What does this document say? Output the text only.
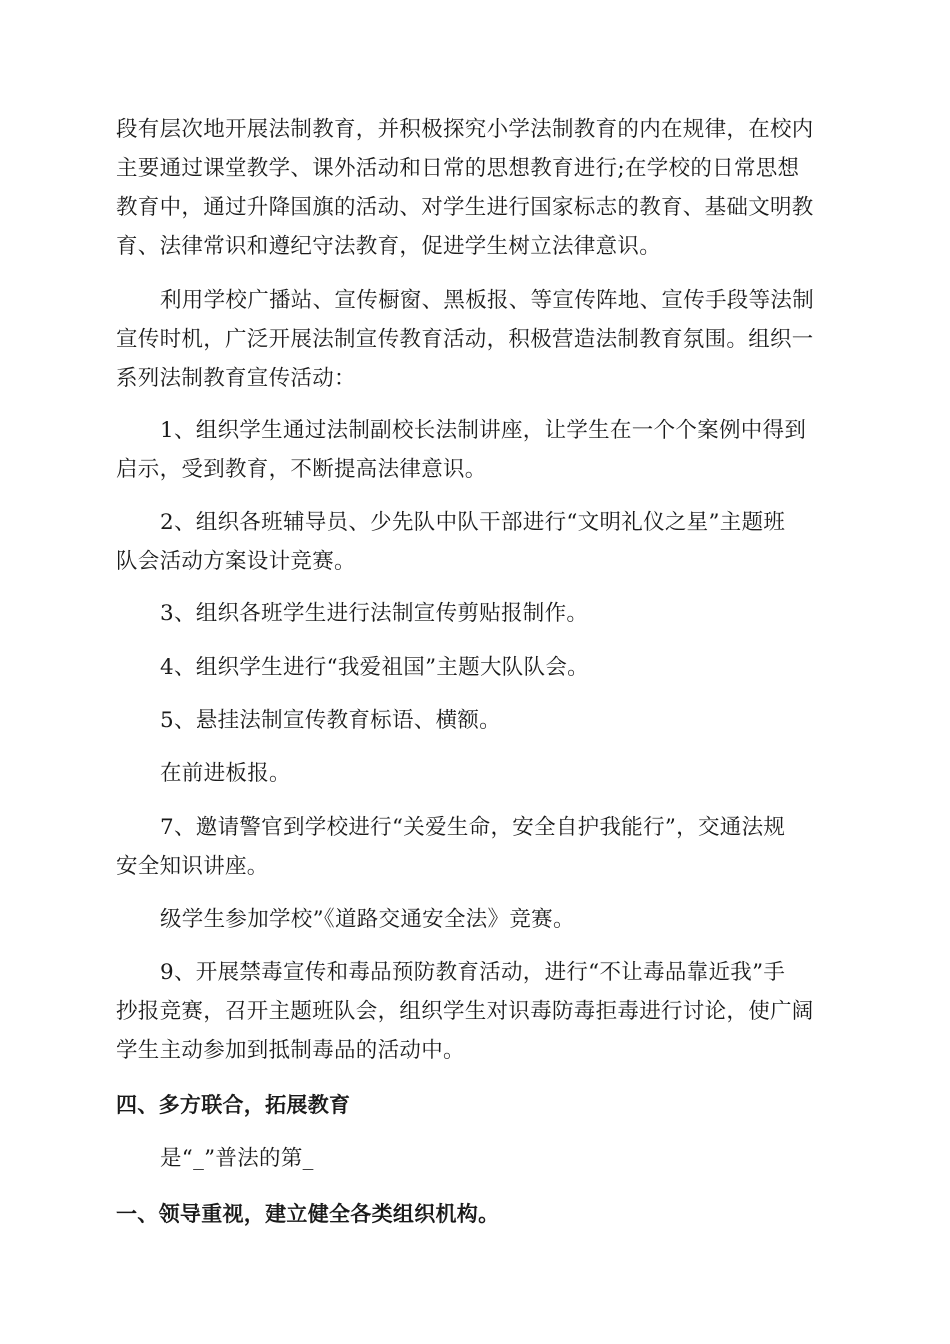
段有层次地开展法制教育，并积极探究小学法制教育的内在规律，在校内
主要通过课堂教学、课外活动和日常的思想教育进行;在学校的日常思想
教育中，通过升降国旗的活动、对学生进行国家标志的教育、基础文明教
育、法律常识和遵纪守法教育，促进学生树立法律意识。
利用学校广播站、宣传橱窗、黑板报、等宣传阵地、宣传手段等法制
宣传时机，广泛开展法制宣传教育活动，积极营造法制教育氛围。组织一
系列法制教育宣传活动：
1、组织学生通过法制副校长法制讲座，让学生在一个个案例中得到
启示，受到教育，不断提高法律意识。
2、组织各班辅导员、少先队中队干部进行“文明礼仪之星”主题班
队会活动方案设计竞赛。
3、组织各班学生进行法制宣传剪贴报制作。
4、组织学生进行“我爱祖国”主题大队队会。
5、悬挂法制宣传教育标语、横额。
在前进板报。
7、邀请警官到学校进行“关爱生命，安全自护我能行”，交通法规
安全知识讲座。
级学生参加学校”《道路交通安全法》竞赛。
9、开展禁毒宣传和毒品预防教育活动，进行“不让毒品靠近我”手
抄报竞赛，召开主题班队会，组织学生对识毒防毒拒毒进行讨论，使广阔
学生主动参加到抵制毒品的活动中。
四、多方联合，拓展教育
是“_”普法的第_
一、领导重视，建立健全各类组织机构。
